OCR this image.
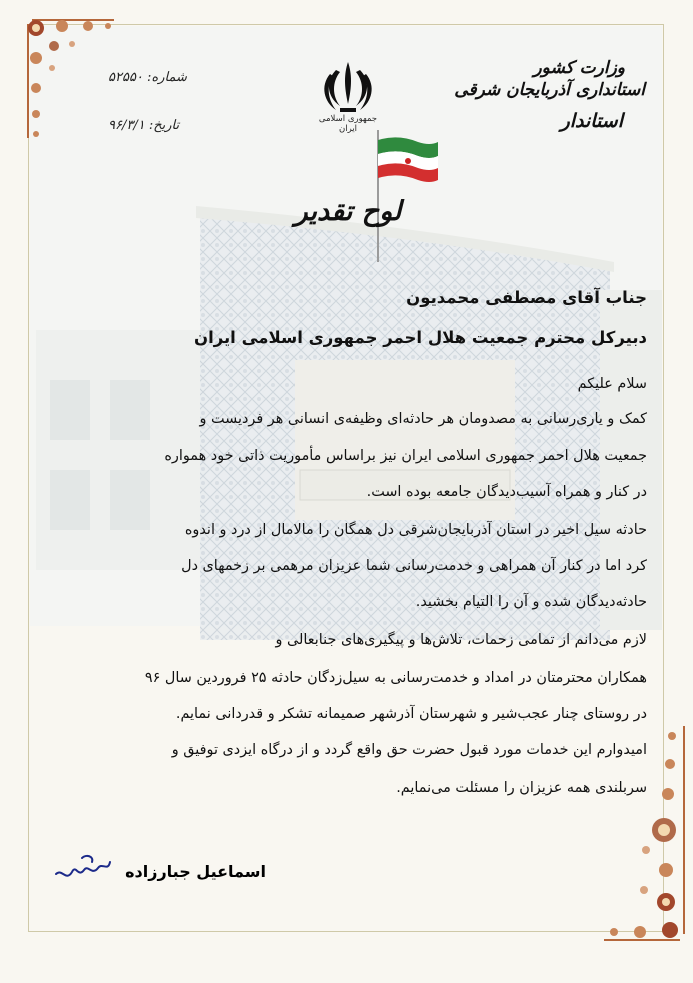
وزارت کشور
استانداری آذربایجان شرقی
استاندار
جمهوری اسلامی ایران
شماره: ۵۲۵۵۰
تاریخ: ۹۶/۳/۱
لوح تقدیر
جناب آقای مصطفی محمدیون
دبیرکل محترم جمعیت هلال احمر جمهوری اسلامی ایران
سلام علیکم
کمک و یاری‌رسانی به مصدومان هر حادثه‌ای وظیفه‌ی انسانی هر فردیست و
جمعیت هلال احمر جمهوری اسلامی ایران نیز براساس مأموریت ذاتی خود همواره
در کنار و همراه آسیب‌دیدگان جامعه بوده است.
حادثه سیل اخیر در استان آذربایجان‌شرقی دل همگان را مالامال از درد و اندوه
کرد اما در کنار آن همراهی و خدمت‌رسانی شما عزیزان مرهمی بر زخمهای دل
حادثه‌دیدگان شده و آن را التیام بخشید.
لازم می‌دانم از تمامی زحمات، تلاش‌ها و پیگیری‌های جنابعالی و
همکاران محترمتان در امداد و خدمت‌رسانی به سیل‌زدگان حادثه ۲۵ فروردین سال ۹۶
در روستای چنار عجب‌شیر و شهرستان آذرشهر صمیمانه تشکر و قدردانی نمایم.
امیدوارم این خدمات مورد قبول حضرت حق واقع گردد و از درگاه ایزدی توفیق و
سربلندی همه عزیزان را مسئلت می‌نمایم.
اسماعیل جبارزاده
